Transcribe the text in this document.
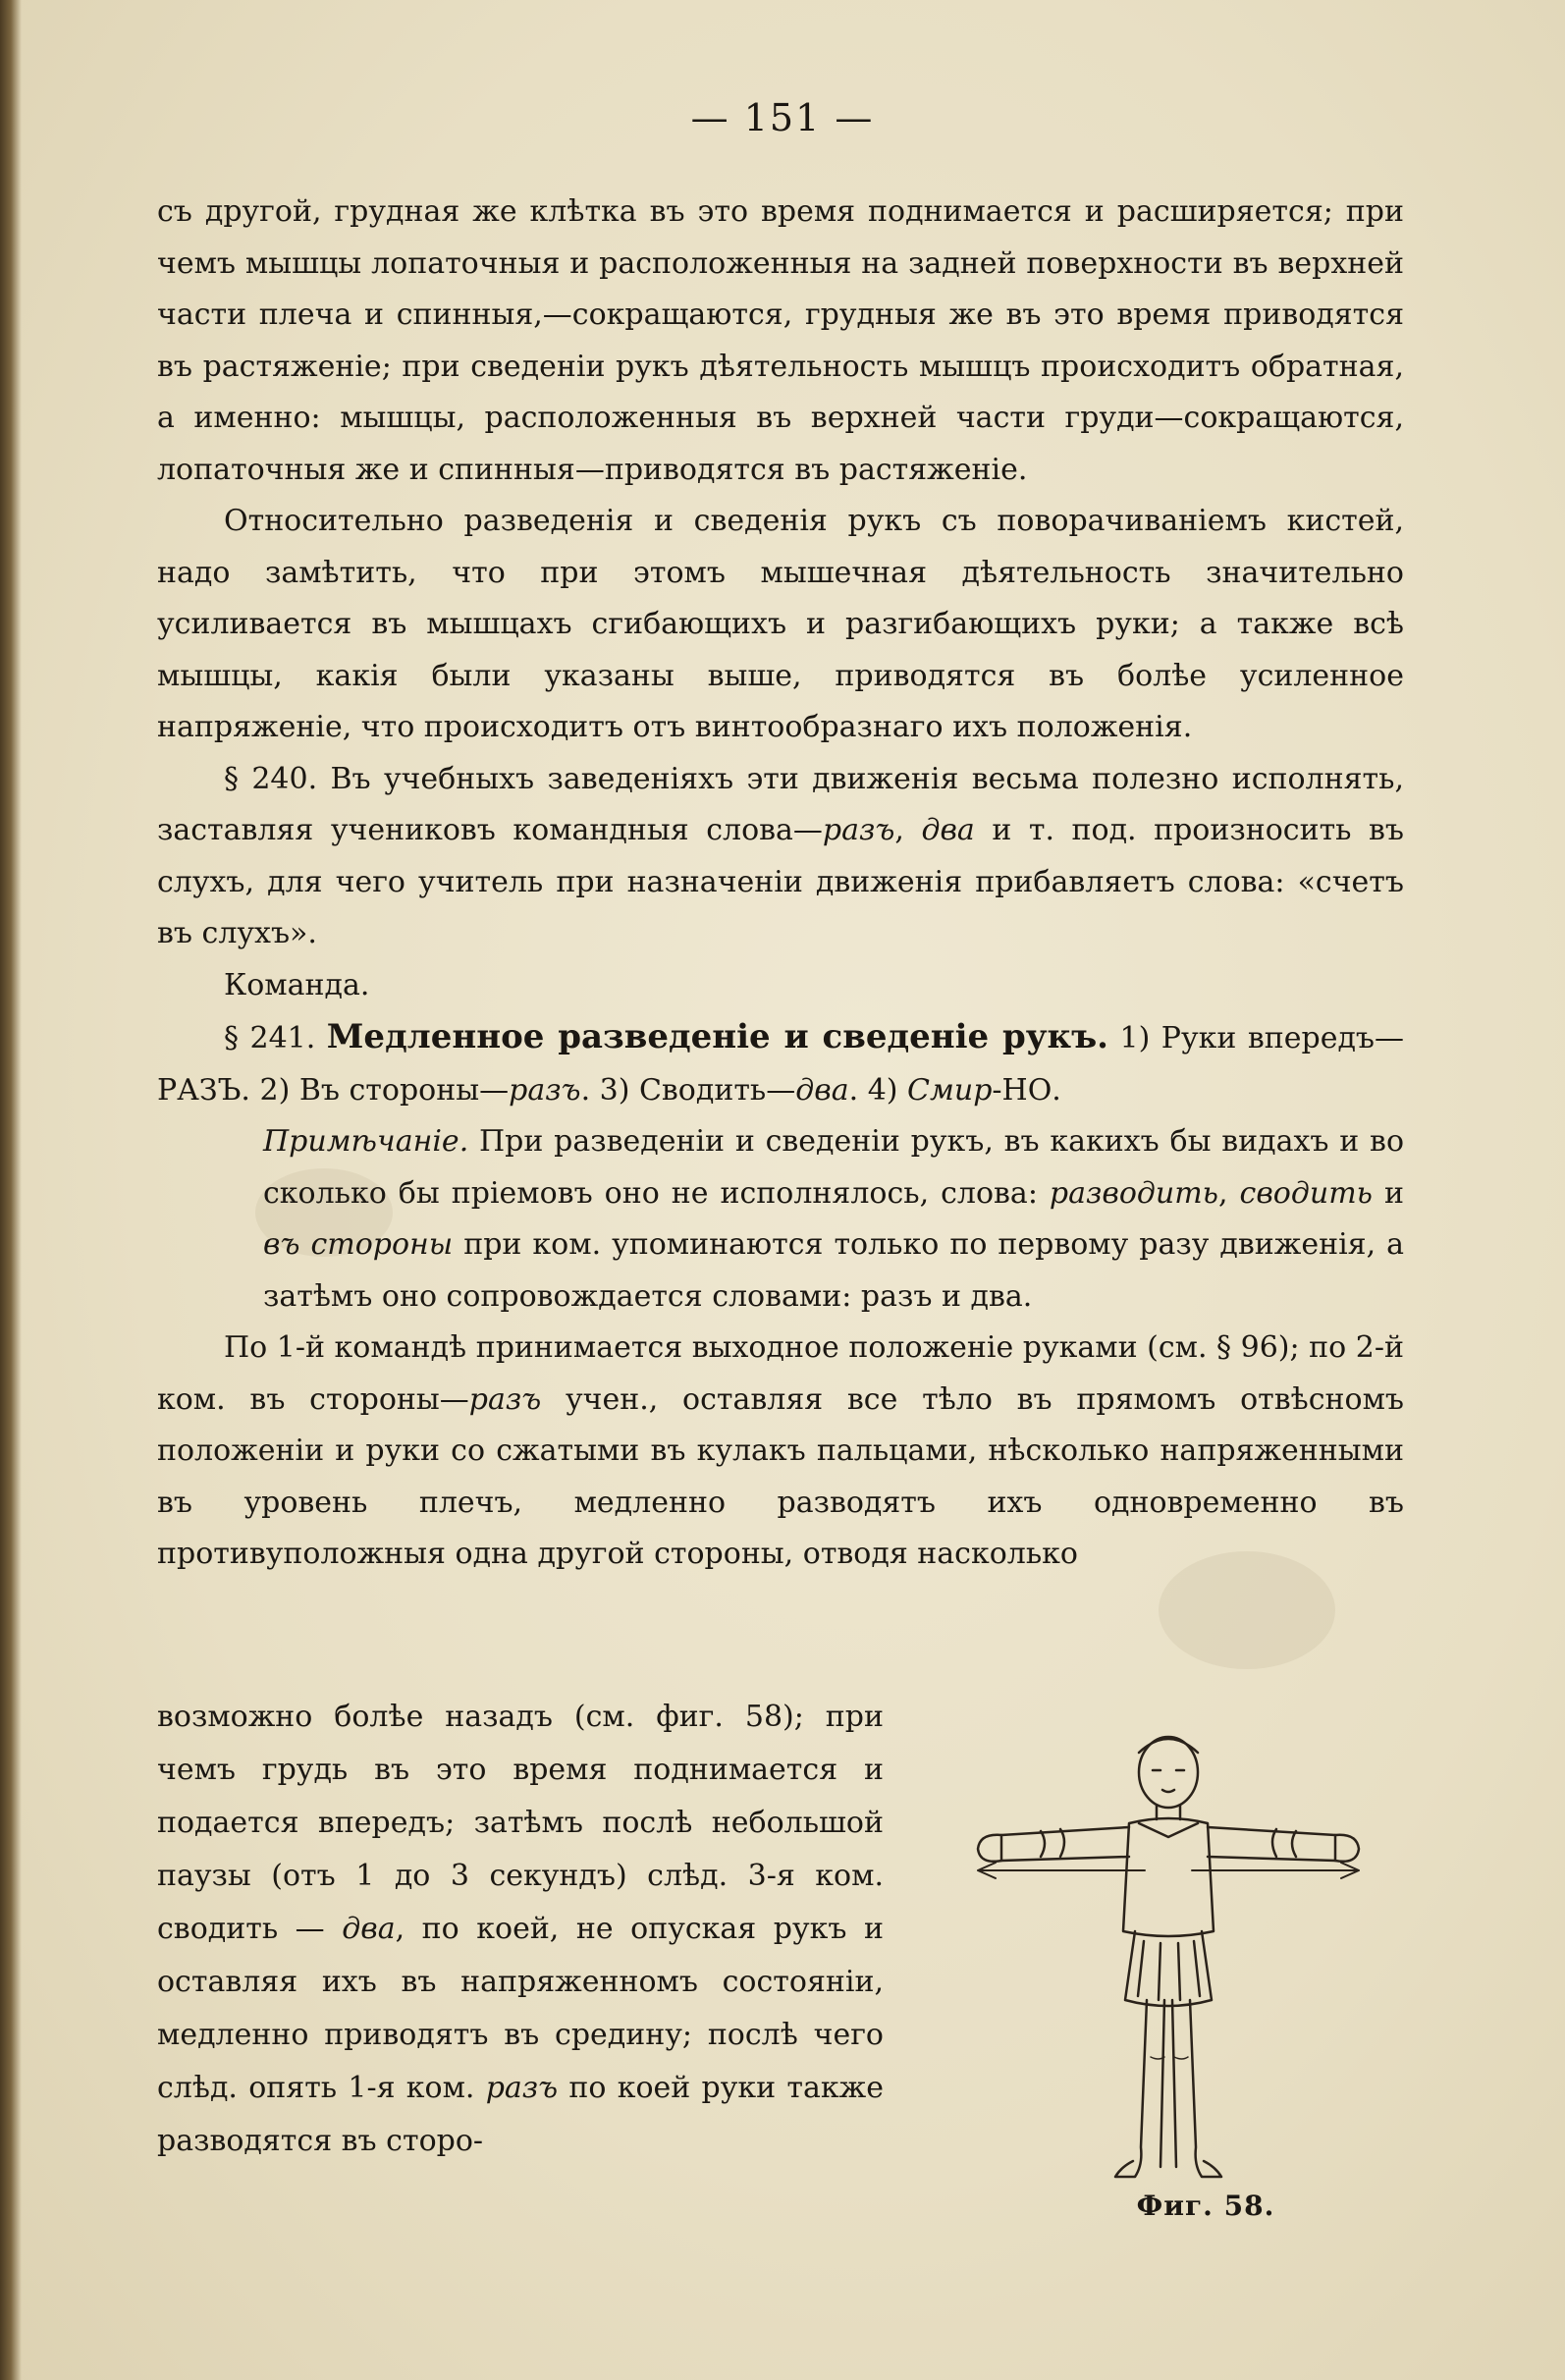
— 151 —

съ другой, грудная же клѣтка въ это время поднимается и расширяется; при чемъ мышцы лопаточныя и расположенныя на задней поверхности въ верхней части плеча и спинныя,—сокращаются, грудныя же въ это время приводятся въ растяженіе; при сведеніи рукъ дѣятельность мышцъ происходитъ обратная, а именно: мышцы, расположенныя въ верхней части груди—сокращаются, лопаточныя же и спинныя—приводятся въ растяженіе.

Относительно разведенія и сведенія рукъ съ поворачиваніемъ кистей, надо замѣтить, что при этомъ мышечная дѣятельность значительно усиливается въ мышцахъ сгибающихъ и разгибающихъ руки; а также всѣ мышцы, какія были указаны выше, приводятся въ болѣе усиленное напряженіе, что происходитъ отъ винтообразнаго ихъ положенія.

§ 240. Въ учебныхъ заведеніяхъ эти движенія весьма полезно исполнять, заставляя учениковъ командныя слова—разъ, два и т. под. произносить въ слухъ, для чего учитель при назначеніи движенія прибавляетъ слова: «счетъ въ слухъ».

Команда.

§ 241. Медленное разведеніе и сведеніе рукъ. 1) Руки впередъ—РАЗЪ. 2) Въ стороны—разъ. 3) Сводить—два. 4) Смир-НО.

Примѣчаніе. При разведеніи и сведеніи рукъ, въ какихъ бы видахъ и во сколько бы пріемовъ оно не исполнялось, слова: разводить, сводить и въ стороны при ком. упоминаются только по первому разу движенія, а затѣмъ оно сопровождается словами: разъ и два.

По 1-й командѣ принимается выходное положеніе руками (см. § 96); по 2-й ком. въ стороны—разъ учен., оставляя все тѣло въ прямомъ отвѣсномъ положеніи и руки со сжатыми въ кулакъ пальцами, нѣсколько напряженными въ уровень плечъ, медленно разводятъ ихъ одновременно въ противуположныя одна другой стороны, отводя насколько

возможно болѣе назадъ (см. фиг. 58); при чемъ грудь въ это время поднимается и подается впередъ; затѣмъ послѣ небольшой паузы (отъ 1 до 3 секундъ) слѣд. 3-я ком. сводить — два, по коей, не опуская рукъ и оставляя ихъ въ напряженномъ состояніи, медленно приводятъ въ средину; послѣ чего слѣд. опять 1-я ком. разъ по коей руки также разводятся въ сторо-
Фиг. 58.
